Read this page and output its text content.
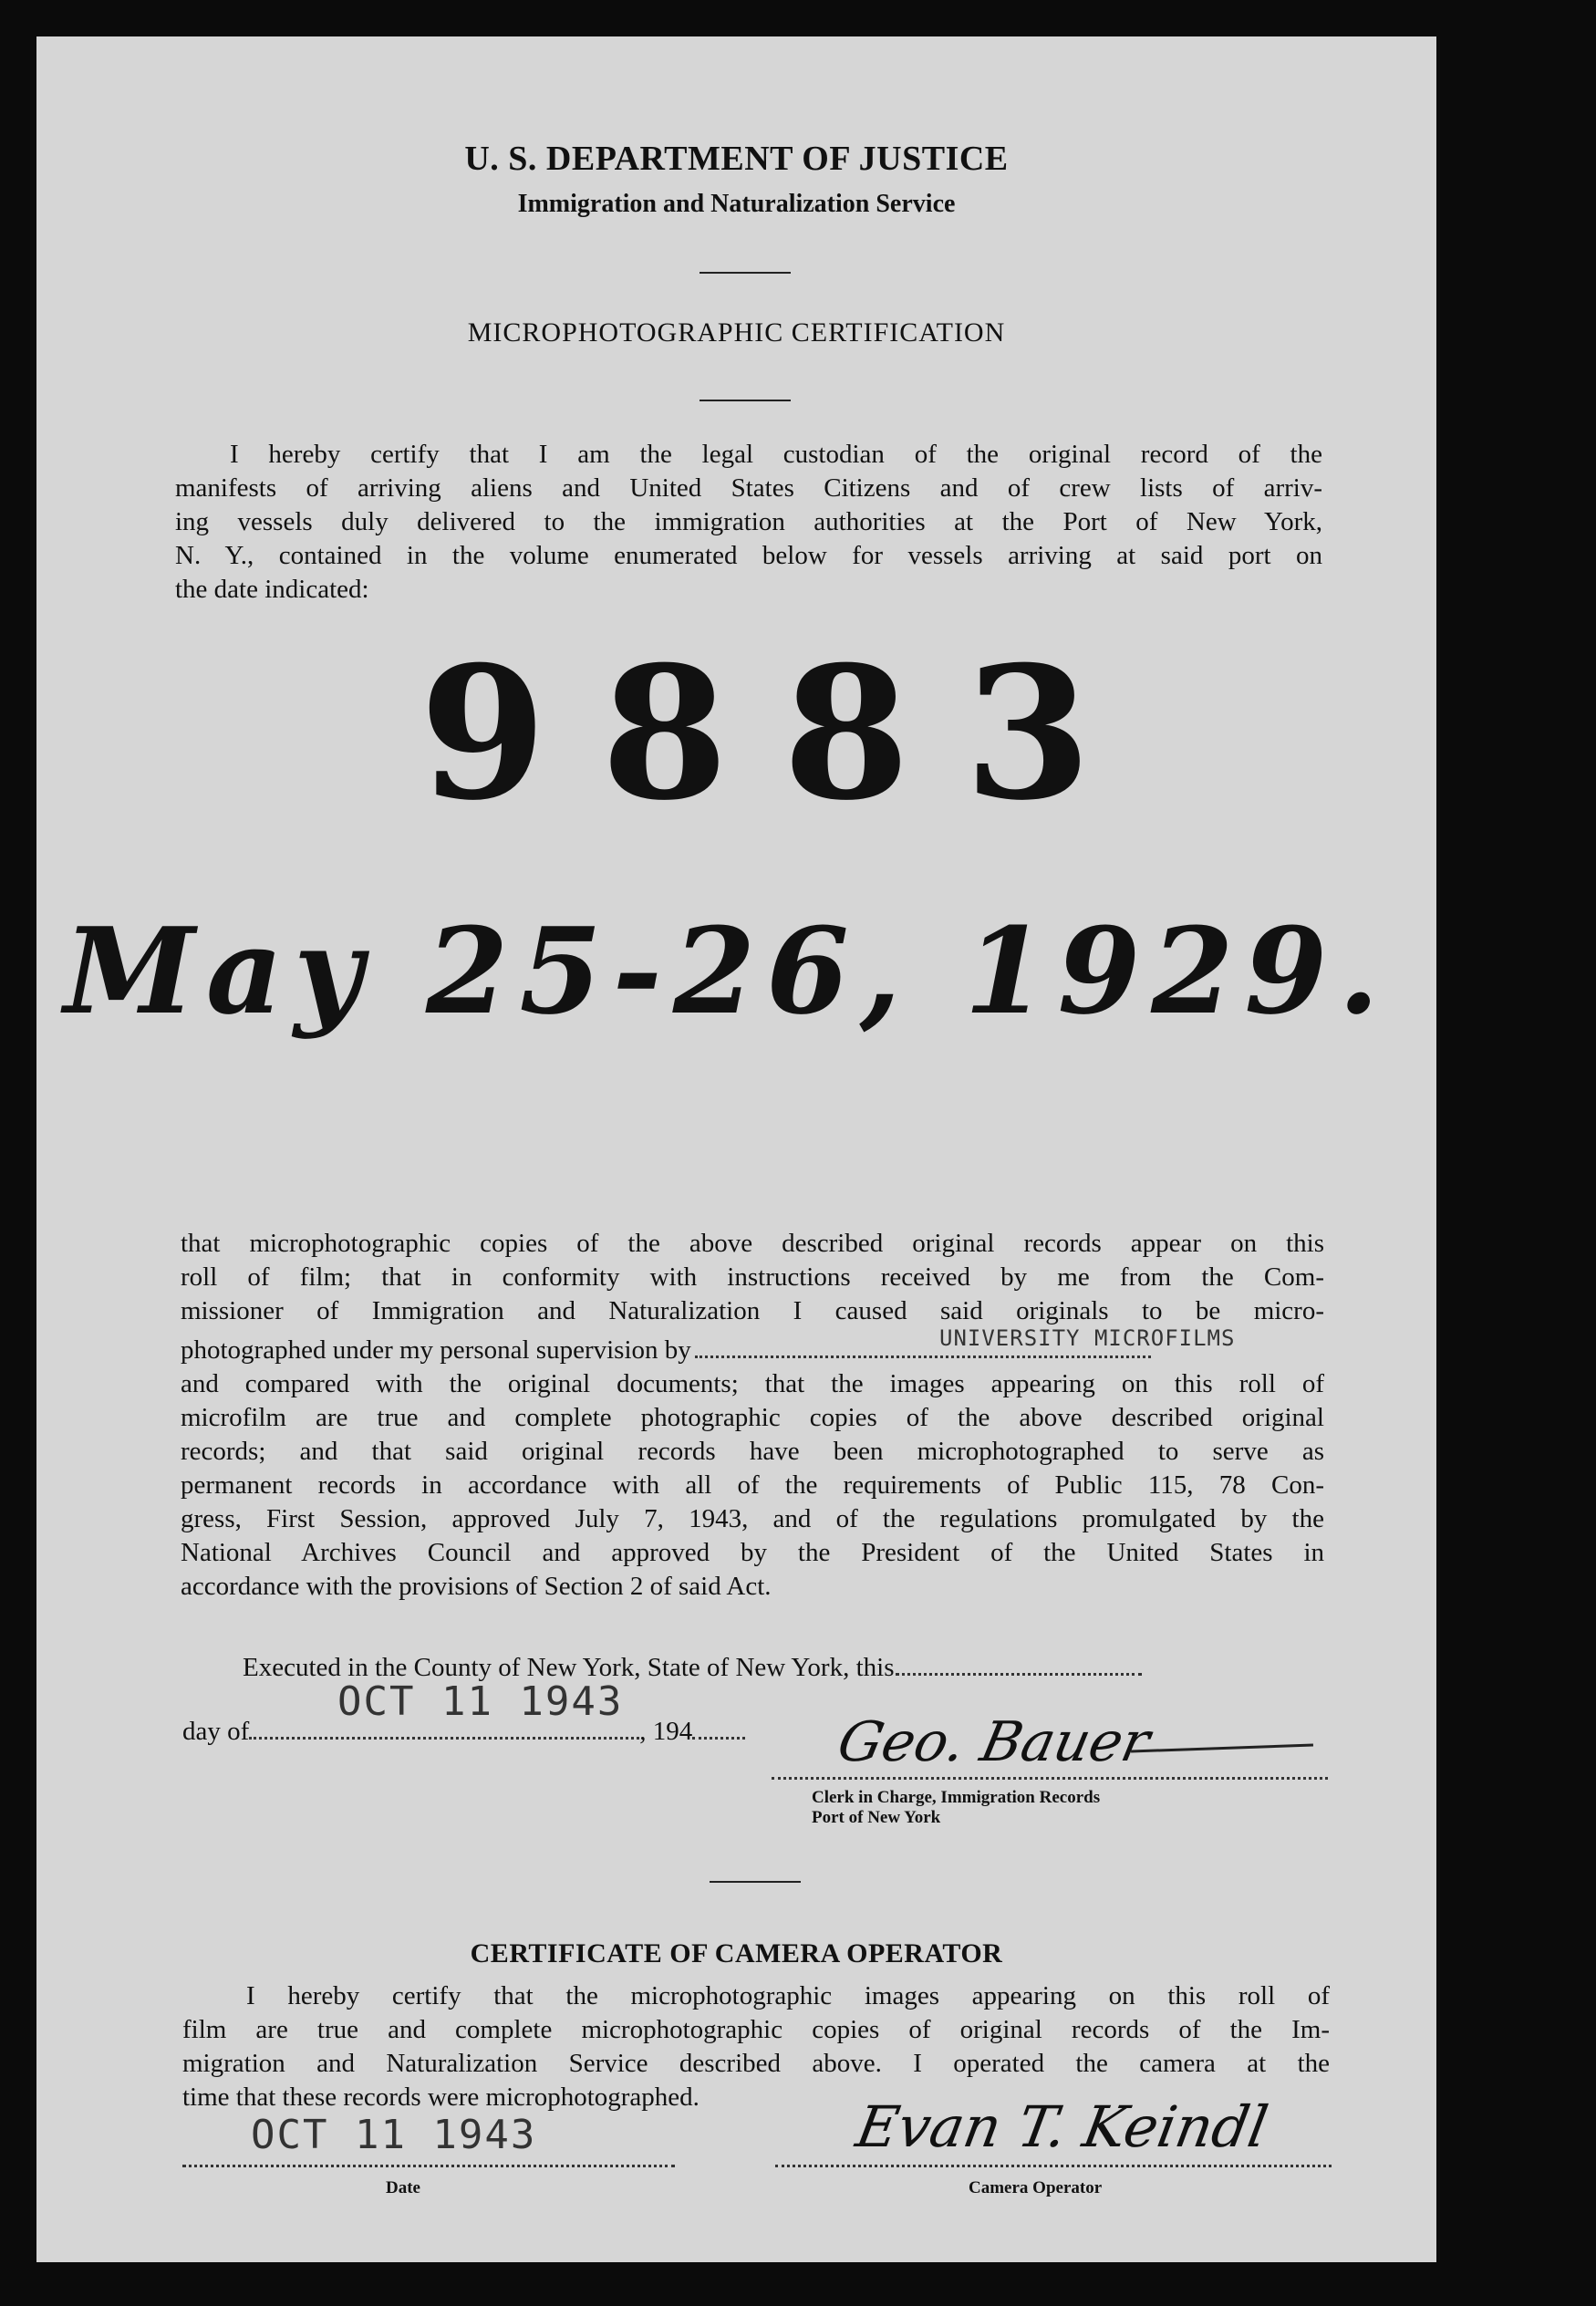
U. S. DEPARTMENT OF JUSTICE
Immigration and Naturalization Service
MICROPHOTOGRAPHIC CERTIFICATION
I hereby certify that I am the legal custodian of the original record of the
manifests of arriving aliens and United States Citizens and of crew lists of arriv-
ing vessels duly delivered to the immigration authorities at the Port of New York,
N. Y., contained in the volume enumerated below for vessels arriving at said port on
the date indicated:
9883
May 25-26, 1929.
that microphotographic copies of the above described original records appear on this
roll of film; that in conformity with instructions received by me from the Com-
missioner of Immigration and Naturalization I caused said originals to be micro-
photographed under my personal supervision by
and compared with the original documents; that the images appearing on this roll of
microfilm are true and complete photographic copies of the above described original
records; and that said original records have been microphotographed to serve as
permanent records in accordance with all of the requirements of Public 115, 78 Con-
gress, First Session, approved July 7, 1943, and of the regulations promulgated by the
National Archives Council and approved by the President of the United States in
accordance with the provisions of Section 2 of said Act.
UNIVERSITY MICROFILMS
Executed in the County of New York, State of New York, this
day of	, 194
OCT 11 1943
Geo. Bauer
Clerk in Charge, Immigration Records
Port of New York
CERTIFICATE OF CAMERA OPERATOR
I hereby certify that the microphotographic images appearing on this roll of
film are true and complete microphotographic copies of original records of the Im-
migration and Naturalization Service described above. I operated the camera at the
time that these records were microphotographed.
OCT 11 1943
Date
Evan T. Keindl
Camera Operator
